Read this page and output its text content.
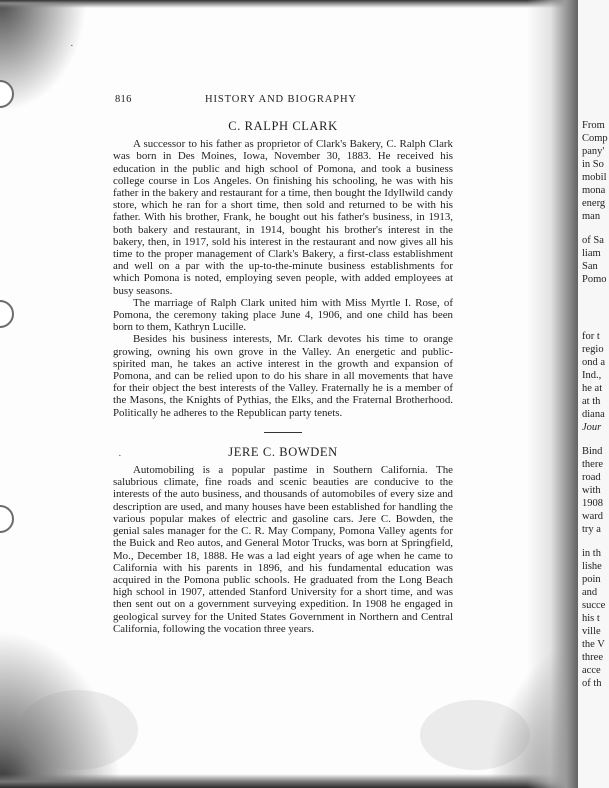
·
·
From
Comp
pany'
in So
mobil
mona
energ
man
of Sa
liam
San
Pomo
for t
regio
ond a
Ind.,
he at
at th
diana
Jour
Bind
there
road
with
1908
ward
try a
in th
lishe
poin
and
succe
his t
ville
the V
three
acce
of th
816	HISTORY AND BIOGRAPHY
C. RALPH CLARK

A successor to his father as proprietor of Clark's Bakery, C. Ralph Clark was born in Des Moines, Iowa, November 30, 1883. He received his education in the public and high school of Pomona, and took a business college course in Los Angeles. On finishing his schooling, he was with his father in the bakery and restaurant for a time, then bought the Idyllwild candy store, which he ran for a short time, then sold and returned to be with his father. With his brother, Frank, he bought out his father's business, in 1913, both bakery and restaurant, in 1914, bought his brother's interest in the bakery, then, in 1917, sold his interest in the restaurant and now gives all his time to the proper management of Clark's Bakery, a first-class establishment and well on a par with the up-to-the-minute business establishments for which Pomona is noted, employing seven people, with added employees at busy seasons.

The marriage of Ralph Clark united him with Miss Myrtle I. Rose, of Pomona, the ceremony taking place June 4, 1906, and one child has been born to them, Kathryn Lucille.

Besides his business interests, Mr. Clark devotes his time to orange growing, owning his own grove in the Valley. An energetic and public-spirited man, he takes an active interest in the growth and expansion of Pomona, and can be relied upon to do his share in all movements that have for their object the best interests of the Valley. Fraternally he is a member of the Masons, the Knights of Pythias, the Elks, and the Fraternal Brotherhood. Politically he adheres to the Republican party tenets.

JERE C. BOWDEN

Automobiling is a popular pastime in Southern California. The salubrious climate, fine roads and scenic beauties are conducive to the interests of the auto business, and thousands of automobiles of every size and description are used, and many houses have been established for handling the various popular makes of electric and gasoline cars. Jere C. Bowden, the genial sales manager for the C. R. May Company, Pomona Valley agents for the Buick and Reo autos, and General Motor Trucks, was born at Springfield, Mo., December 18, 1888. He was a lad eight years of age when he came to California with his parents in 1896, and his fundamental education was acquired in the Pomona public schools. He graduated from the Long Beach high school in 1907, attended Stanford University for a short time, and was then sent out on a government surveying expedition. In 1908 he engaged in geological survey for the United States Government in Northern and Central California, following the vocation three years.
